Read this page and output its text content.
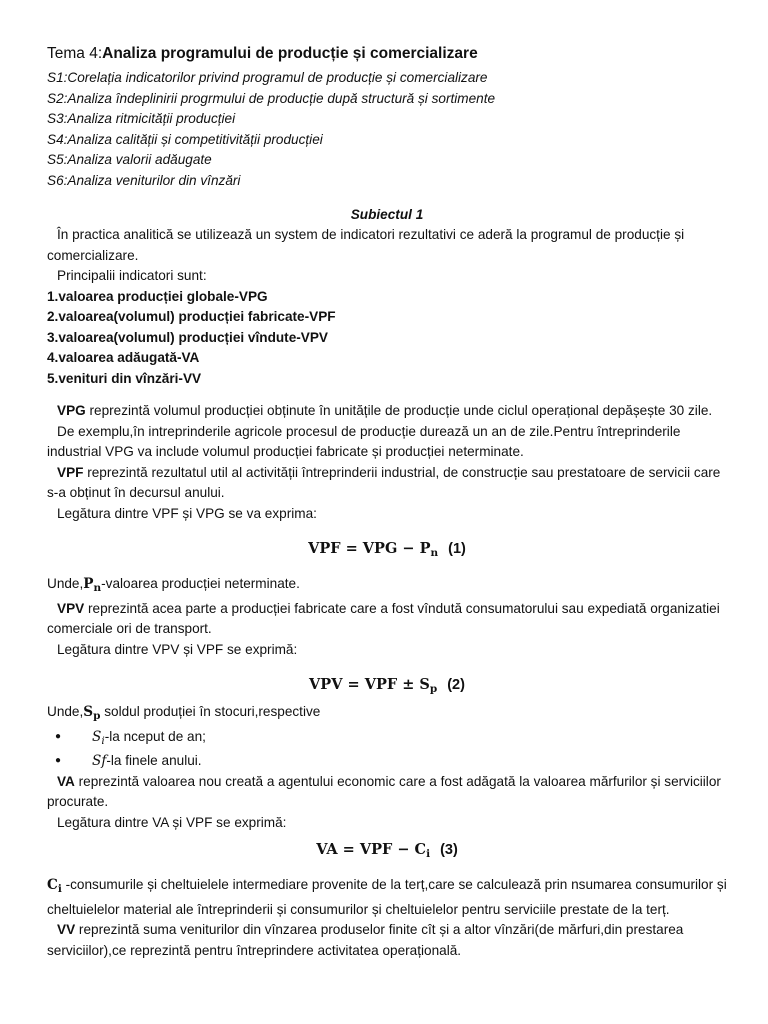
Tema 4:Analiza programului de producție și comercializare
S1:Corelația indicatorilor privind programul de producție și comercializare
S2:Analiza îndeplinirii progrmului de producție după structură și sortimente
S3:Analiza ritmicității producției
S4:Analiza calității și competitivității producției
S5:Analiza valorii adăugate
S6:Analiza veniturilor din vînzări
Subiectul 1

În practica analitică se utilizează un system de indicatori rezultativi ce aderă la programul de producție și comercializare.

Principalii indicatori sunt:

1.valoarea producției globale-VPG
2.valoarea(volumul) producției fabricate-VPF
3.valoarea(volumul) producției vîndute-VPV
4.valoarea adăugată-VA
5.venituri din vînzări-VV

VPG reprezintă volumul producției obținute în unitățile de producție unde ciclul operațional depășește 30 zile.

De exemplu,în intreprinderile agricole procesul de producție durează un an de zile.Pentru întreprinderile industrial VPG va include volumul producției fabricate și producției neterminate.

VPF reprezintă rezultatul util al activității întreprinderii industrial, de construcție sau prestatoare de servicii care s-a obținut în decursul anului.

Legătura dintre VPF și VPG se va exprima:

VPF = VPG − $P_n$ (1)

$Unde,P_n$-valoarea producției neterminate.

VPV reprezintă acea parte a producției fabricate care a fost vîndută consumatorului sau expediată organizatiei comerciale ori de transport.

Legătura dintre VPV și VPF se exprimă:

VPV = VPF ± $S_p$ (2)

$Unde,S_p$ soldul produției în stocuri,respective

● $S_i-la$ nceput de an;
● Sf-la finele anului.

VA reprezintă valoarea nou creată a agentului economic care a fost adăgată la valoarea mărfurilor și serviciilor procurate.

Legătura dintre VA și VPF se exprimă:

VA = VPF − $C_i$ (3)

$C_i$ -consumurile și cheltuielele intermediare provenite de la terț,care se calculează prin nsumarea consumurilor și cheltuielelor material ale întreprinderii și consumurilor și cheltuielelor pentru serviciile prestate de la terț.

VV reprezintă suma veniturilor din vînzarea produselor finite cît și a altor vînzări(de mărfuri,din prestarea serviciilor),ce reprezintă pentru întreprindere activitatea operațională.
